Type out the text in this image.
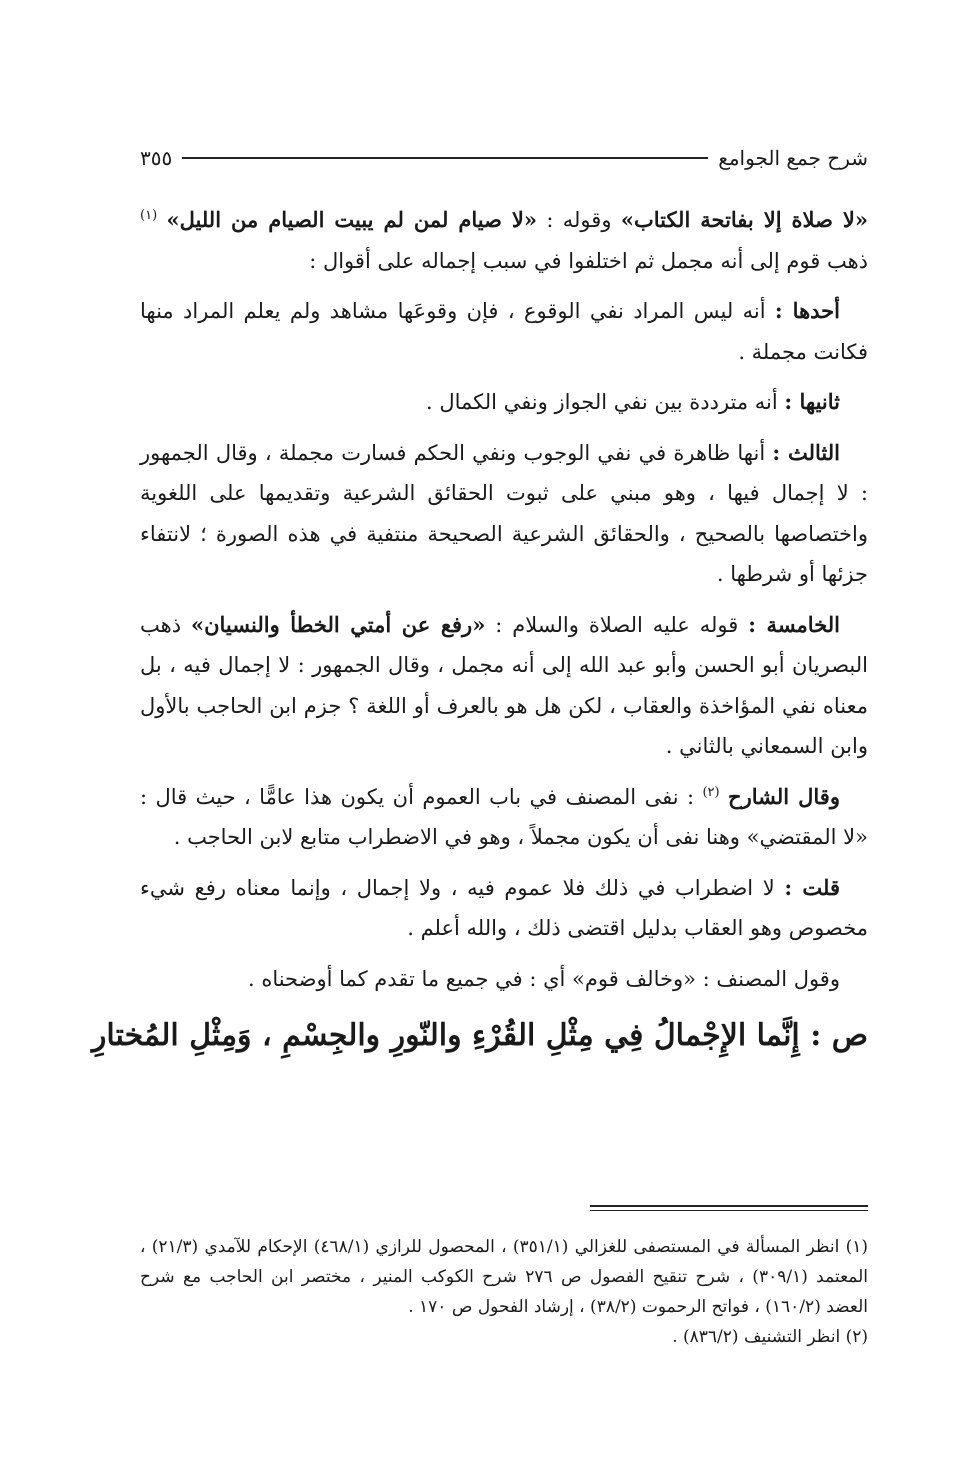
شرح جمع الجوامع
٣٥٥

«لا صلاة إلا بفاتحة الكتاب» وقوله : «لا صيام لمن لم يبيت الصيام من الليل» $^{(١)}$ ذهب قوم إلى أنه مجمل ثم اختلفوا في سبب إجماله على أقوال :

أحدها : أنه ليس المراد نفي الوقوع ، فإن وقوعَها مشاهد ولم يعلم المراد منها فكانت مجملة .

ثانيها : أنه مترددة بين نفي الجواز ونفي الكمال .

الثالث : أنها ظاهرة في نفي الوجوب ونفي الحكم فسارت مجملة ، وقال الجمهور : لا إجمال فيها ، وهو مبني على ثبوت الحقائق الشرعية وتقديمها على اللغوية واختصاصها بالصحيح ، والحقائق الشرعية الصحيحة منتفية في هذه الصورة ؛ لانتفاء جزئها أو شرطها .

الخامسة : قوله عليه الصلاة والسلام : «رفع عن أمتي الخطأ والنسيان» ذهب البصريان أبو الحسن وأبو عبد الله إلى أنه مجمل ، وقال الجمهور : لا إجمال فيه ، بل معناه نفي المؤاخذة والعقاب ، لكن هل هو بالعرف أو اللغة ؟ جزم ابن الحاجب بالأول وابن السمعاني بالثاني .

وقال الشارح $^{(٢)}$ : نفى المصنف في باب العموم أن يكون هذا عامًّا ، حيث قال : «لا المقتضي» وهنا نفى أن يكون مجملاً ، وهو في الاضطراب متابع لابن الحاجب .

قلت : لا اضطراب في ذلك فلا عموم فيه ، ولا إجمال ، وإنما معناه رفع شيء مخصوص وهو العقاب بدليل اقتضى ذلك ، والله أعلم .

وقول المصنف : «وخالف قوم» أي : في جميع ما تقدم كما أوضحناه .

ص : إِنَّما الإِجْمالُ فِي مِثْلِ القُرْءِ والنّورِ والجِسْمِ ، وَمِثْلِ المُختارِ

(١) انظر المسألة في المستصفى للغزالي (٣٥١/١) ، المحصول للرازي (٤٦٨/١) الإحكام للآمدي (٢١/٣) ، المعتمد (٣٠٩/١) ، شرح تنقيح الفصول ص ٢٧٦ شرح الكوكب المنير ، مختصر ابن الحاجب مع شرح العضد (١٦٠/٢) ، فواتح الرحموت (٣٨/٢) ، إرشاد الفحول ص ١٧٠ .

(٢) انظر التشنيف (٨٣٦/٢) .
